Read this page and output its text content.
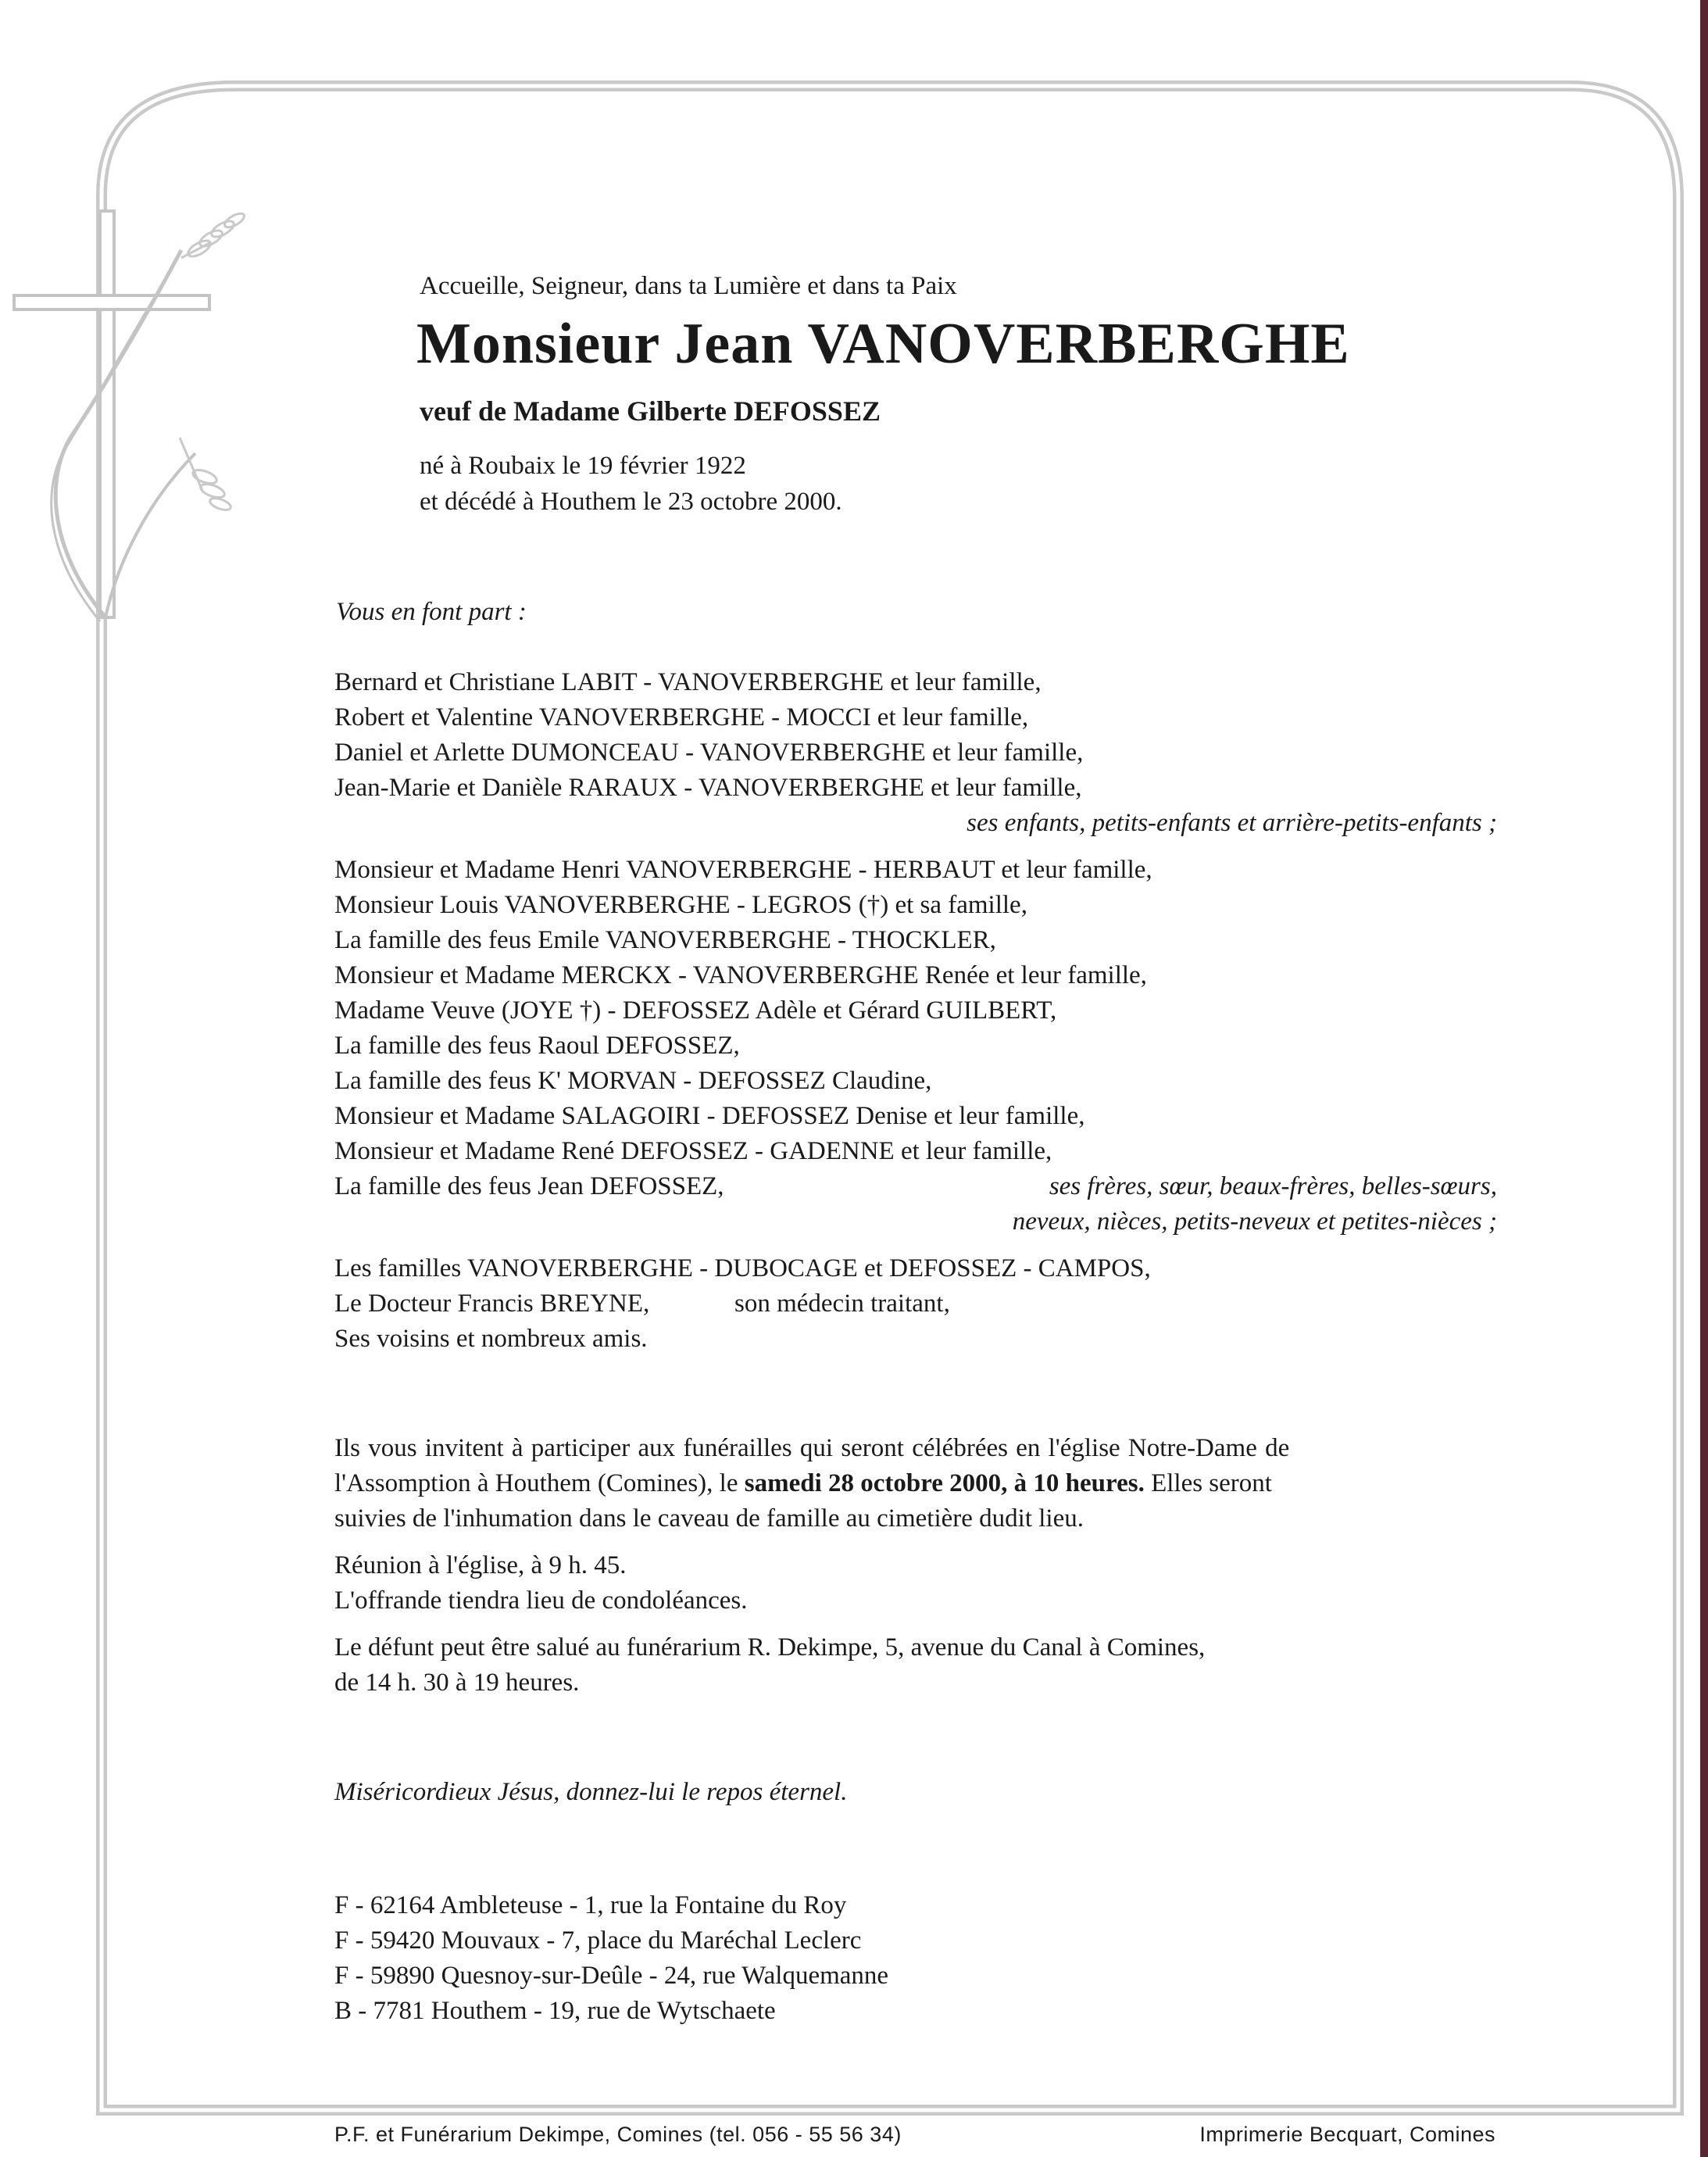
Accueille, Seigneur, dans ta Lumière et dans ta Paix
Monsieur Jean VANOVERBERGHE
veuf de Madame Gilberte DEFOSSEZ
né à Roubaix le 19 février 1922
et décédé à Houthem le 23 octobre 2000.
Vous en font part :
Bernard et Christiane LABIT - VANOVERBERGHE et leur famille,
Robert et Valentine VANOVERBERGHE - MOCCI et leur famille,
Daniel et Arlette DUMONCEAU - VANOVERBERGHE et leur famille,
Jean-Marie et Danièle RARAUX - VANOVERBERGHE et leur famille,
ses enfants, petits-enfants et arrière-petits-enfants ;
Monsieur et Madame Henri VANOVERBERGHE - HERBAUT et leur famille,
Monsieur Louis VANOVERBERGHE - LEGROS (†) et sa famille,
La famille des feus Emile VANOVERBERGHE - THOCKLER,
Monsieur et Madame MERCKX - VANOVERBERGHE Renée et leur famille,
Madame Veuve (JOYE †) - DEFOSSEZ Adèle et Gérard GUILBERT,
La famille des feus Raoul DEFOSSEZ,
La famille des feus K' MORVAN - DEFOSSEZ Claudine,
Monsieur et Madame SALAGOIRI - DEFOSSEZ Denise et leur famille,
Monsieur et Madame René DEFOSSEZ - GADENNE et leur famille,
La famille des feus Jean DEFOSSEZ,	ses frères, sœur, beaux-frères, belles-sœurs,
neveux, nièces, petits-neveux et petites-nièces ;
Les familles VANOVERBERGHE - DUBOCAGE et DEFOSSEZ - CAMPOS,
Le Docteur Francis BREYNE,	son médecin traitant,
Ses voisins et nombreux amis.
Ils vous invitent à participer aux funérailles qui seront célébrées en l'église Notre-Dame de
l'Assomption à Houthem (Comines), le samedi 28 octobre 2000, à 10 heures. Elles seront
suivies de l'inhumation dans le caveau de famille au cimetière dudit lieu.
Réunion à l'église, à 9 h. 45.
L'offrande tiendra lieu de condoléances.
Le défunt peut être salué au funérarium R. Dekimpe, 5, avenue du Canal à Comines,
de 14 h. 30 à 19 heures.
Miséricordieux Jésus, donnez-lui le repos éternel.
F - 62164 Ambleteuse - 1, rue la Fontaine du Roy
F - 59420 Mouvaux - 7, place du Maréchal Leclerc
F - 59890 Quesnoy-sur-Deûle - 24, rue Walquemanne
B - 7781 Houthem - 19, rue de Wytschaete
P.F. et Funérarium Dekimpe, Comines (tel. 056 - 55 56 34)	Imprimerie Becquart, Comines
